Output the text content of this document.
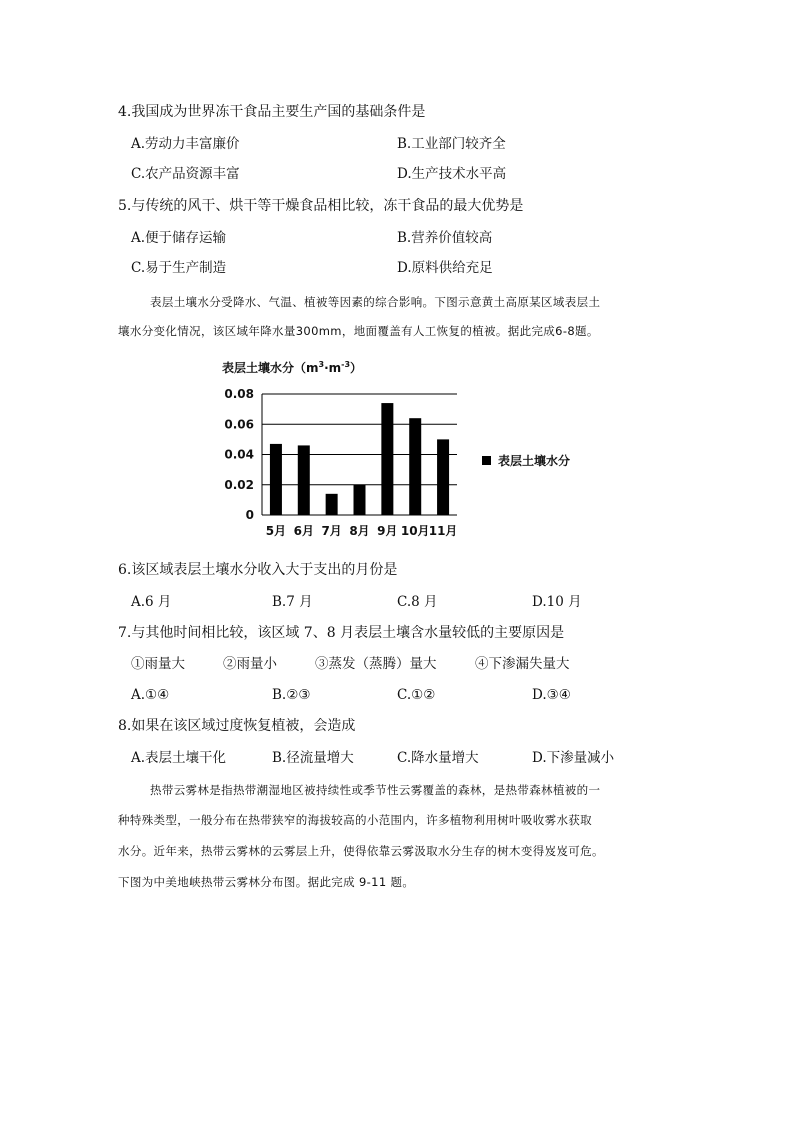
4.我国成为世界冻干食品主要生产国的基础条件是
A.劳动力丰富廉价	B.工业部门较齐全
C.农产品资源丰富	D.生产技术水平高
5.与传统的风干、烘干等干燥食品相比较，冻干食品的最大优势是
A.便于储存运输	B.营养价值较高
C.易于生产制造	D.原料供给充足
表层土壤水分受降水、气温、植被等因素的综合影响。下图示意黄土高原某区域表层土
壤水分变化情况，该区域年降水量300mm，地面覆盖有人工恢复的植被。据此完成6-8题。
表层土壤水分$(m^3\cdot m^{-3})$
0.08
0.06
0.04
0.02
0
5月 6月 7月 8月 9月 10月 11月
表层土壤水分
6.该区域表层土壤水分收入大于支出的月份是
A.6 月	B.7 月	C.8 月	D.10 月
7.与其他时间相比较，该区域 7、8 月表层土壤含水量较低的主要原因是
①雨量大	②雨量小	③蒸发（蒸腾）量大	④下渗漏失量大
A.①④	B.②③	C.①②	D.③④
8.如果在该区域过度恢复植被，会造成
A.表层土壤干化	B.径流量增大	C.降水量增大	D.下渗量减小
热带云雾林是指热带潮湿地区被持续性或季节性云雾覆盖的森林，是热带森林植被的一
种特殊类型，一般分布在热带狭窄的海拔较高的小范围内，许多植物利用树叶吸收雾水获取
水分。近年来，热带云雾林的云雾层上升，使得依靠云雾汲取水分生存的树木变得岌岌可危。
下图为中美地峡热带云雾林分布图。据此完成 9-11 题。
